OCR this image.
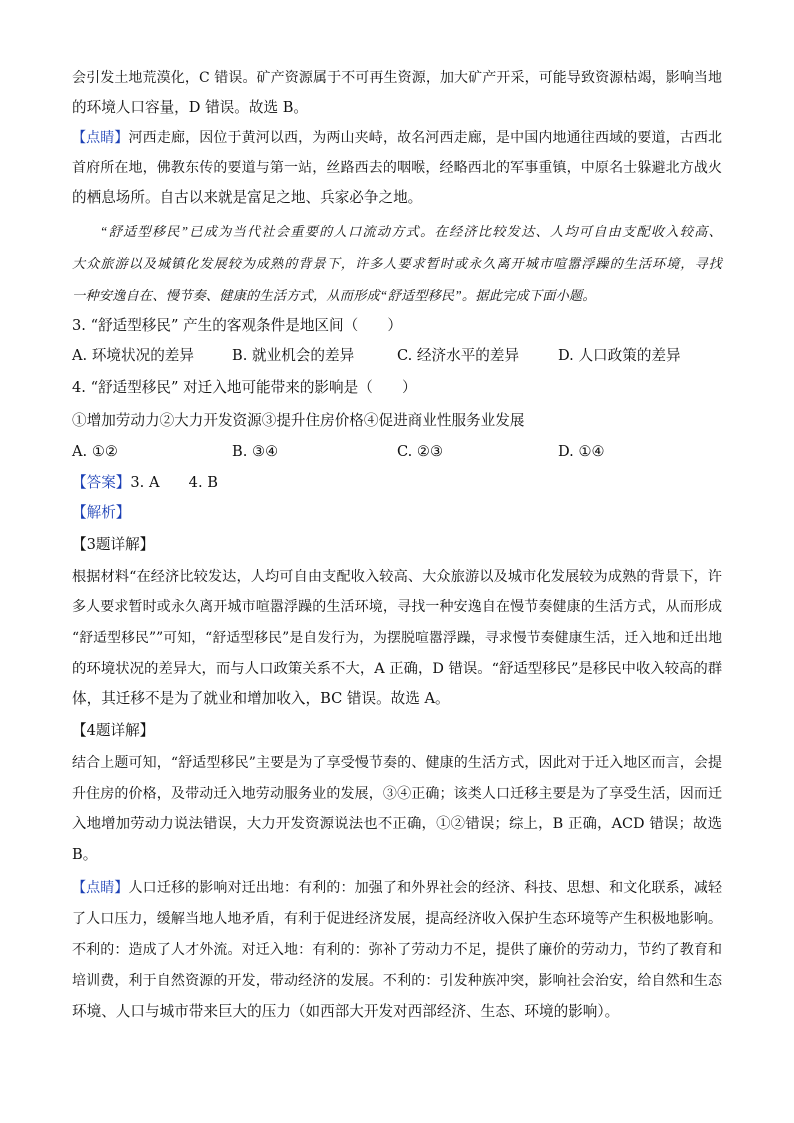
会引发土地荒漠化，C 错误。矿产资源属于不可再生资源，加大矿产开采，可能导致资源枯竭，影响当地
的环境人口容量，D 错误。故选 B。
【点睛】河西走廊，因位于黄河以西，为两山夹峙，故名河西走廊，是中国内地通往西域的要道，古西北
首府所在地，佛教东传的要道与第一站，丝路西去的咽喉，经略西北的军事重镇，中原名士躲避北方战火
的栖息场所。自古以来就是富足之地、兵家必争之地。
“舒适型移民”已成为当代社会重要的人口流动方式。在经济比较发达、人均可自由支配收入较高、
大众旅游以及城镇化发展较为成熟的背景下，许多人要求暂时或永久离开城市喧嚣浮躁的生活环境，寻找
一种安逸自在、慢节奏、健康的生活方式，从而形成“舒适型移民”。据此完成下面小题。
3. “舒适型移民” 产生的客观条件是地区间（　　）
A. 环境状况的差异	B. 就业机会的差异	C. 经济水平的差异	D. 人口政策的差异
4. “舒适型移民” 对迁入地可能带来的影响是（　　）
①增加劳动力②大力开发资源③提升住房价格④促进商业性服务业发展
A. ①②	B. ③④	C. ②③	D. ①④
【答案】3. A　　4. B
【解析】
【3题详解】
根据材料“在经济比较发达，人均可自由支配收入较高、大众旅游以及城市化发展较为成熟的背景下，许
多人要求暂时或永久离开城市喧嚣浮躁的生活环境，寻找一种安逸自在慢节奏健康的生活方式，从而形成
“舒适型移民””可知，“舒适型移民”是自发行为，为摆脱喧嚣浮躁，寻求慢节奏健康生活，迁入地和迁出地
的环境状况的差异大，而与人口政策关系不大，A 正确，D 错误。“舒适型移民”是移民中收入较高的群
体，其迁移不是为了就业和增加收入，BC 错误。故选 A。
【4题详解】
结合上题可知，“舒适型移民”主要是为了享受慢节奏的、健康的生活方式，因此对于迁入地区而言，会提
升住房的价格，及带动迁入地劳动服务业的发展，③④正确；该类人口迁移主要是为了享受生活，因而迁
入地增加劳动力说法错误，大力开发资源说法也不正确，①②错误；综上，B 正确，ACD 错误；故选
B。
【点睛】人口迁移的影响对迁出地：有利的：加强了和外界社会的经济、科技、思想、和文化联系，减轻
了人口压力，缓解当地人地矛盾，有利于促进经济发展，提高经济收入保护生态环境等产生积极地影响。
不利的：造成了人才外流。对迁入地：有利的：弥补了劳动力不足，提供了廉价的劳动力，节约了教育和
培训费，利于自然资源的开发，带动经济的发展。不利的：引发种族冲突，影响社会治安，给自然和生态
环境、人口与城市带来巨大的压力（如西部大开发对西部经济、生态、环境的影响）。
